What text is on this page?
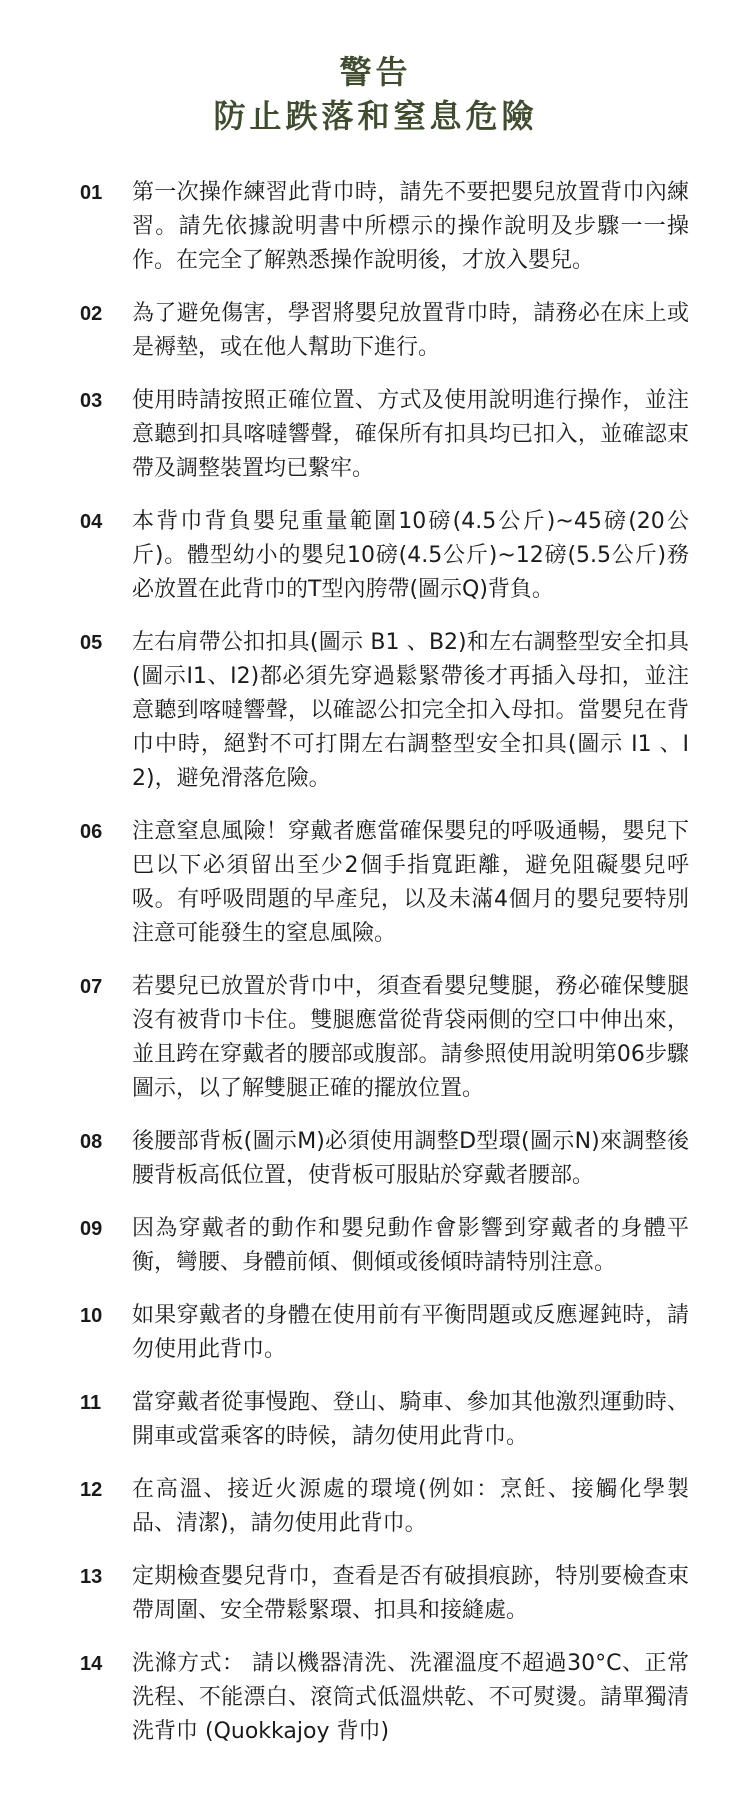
警告
防止跌落和窒息危險
01	第一次操作練習此背巾時，請先不要把嬰兒放置背巾內練習。請先依據說明書中所標示的操作說明及步驟一一操作。在完全了解熟悉操作說明後，才放入嬰兒。
02	為了避免傷害，學習將嬰兒放置背巾時，請務必在床上或是褥墊，或在他人幫助下進行。
03	使用時請按照正確位置、方式及使用說明進行操作，並注意聽到扣具喀噠響聲，確保所有扣具均已扣入，並確認束帶及調整裝置均已繫牢。
04	本背巾背負嬰兒重量範圍10磅(4.5公斤)~45磅(20公斤)。體型幼小的嬰兒10磅(4.5公斤)~12磅(5.5公斤)務必放置在此背巾的T型內胯帶(圖示Q)背負。
05	左右肩帶公扣扣具(圖示 B1 、B2)和左右調整型安全扣具(圖示I1、I2)都必須先穿過鬆緊帶後才再插入母扣，並注意聽到喀噠響聲，以確認公扣完全扣入母扣。當嬰兒在背巾中時，絕對不可打開左右調整型安全扣具(圖示 I1 、I2)，避免滑落危險。
06	注意窒息風險！穿戴者應當確保嬰兒的呼吸通暢，嬰兒下巴以下必須留出至少2個手指寬距離，避免阻礙嬰兒呼吸。有呼吸問題的早產兒，以及未滿4個月的嬰兒要特別注意可能發生的窒息風險。
07	若嬰兒已放置於背巾中，須查看嬰兒雙腿，務必確保雙腿沒有被背巾卡住。雙腿應當從背袋兩側的空口中伸出來，並且跨在穿戴者的腰部或腹部。請參照使用說明第06步驟圖示，以了解雙腿正確的擺放位置。
08	後腰部背板(圖示M)必須使用調整D型環(圖示N)來調整後腰背板高低位置，使背板可服貼於穿戴者腰部。
09	因為穿戴者的動作和嬰兒動作會影響到穿戴者的身體平衡，彎腰、身體前傾、側傾或後傾時請特別注意。
10	如果穿戴者的身體在使用前有平衡問題或反應遲鈍時，請勿使用此背巾。
11	當穿戴者從事慢跑、登山、騎車、參加其他激烈運動時、開車或當乘客的時候，請勿使用此背巾。
12	在高溫、接近火源處的環境(例如：烹飪、接觸化學製品、清潔)，請勿使用此背巾。
13	定期檢查嬰兒背巾，查看是否有破損痕跡，特別要檢查束帶周圍、安全帶鬆緊環、扣具和接縫處。
14	洗滌方式： 請以機器清洗、洗濯溫度不超過30°C、正常洗程、不能漂白、滾筒式低溫烘乾、不可熨燙。請單獨清洗背巾 (Quokkajoy 背巾)
